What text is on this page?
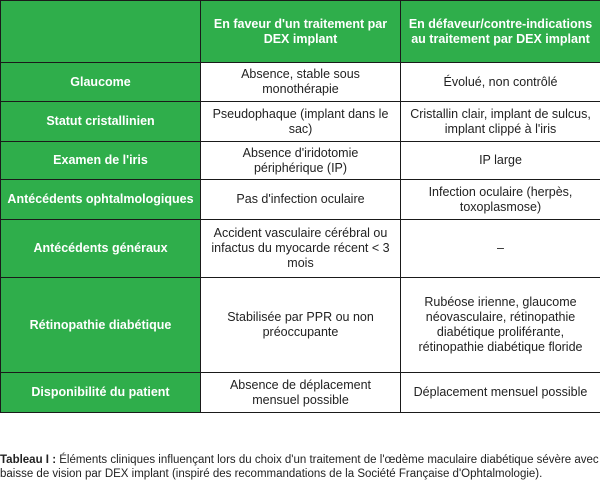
	En faveur d'un traitement par DEX implant	En défaveur/contre-indications au traitement par DEX implant
Glaucome	Absence, stable sous monothérapie	Évolué, non contrôlé
Statut cristallinien	Pseudophaque (implant dans le sac)	Cristallin clair, implant de sulcus, implant clippé à l'iris
Examen de l'iris	Absence d'iridotomie périphérique (IP)	IP large
Antécédents ophtalmologiques	Pas d'infection oculaire	Infection oculaire (herpès, toxoplasmose)
Antécédents généraux	Accident vasculaire cérébral ou infactus du myocarde récent < 3 mois	–
Rétinopathie diabétique	Stabilisée par PPR ou non préoccupante	Rubéose irienne, glaucome néovasculaire, rétinopathie diabétique proliférante, rétinopathie diabétique floride
Disponibilité du patient	Absence de déplacement mensuel possible	Déplacement mensuel possible
Tableau I : Éléments cliniques influençant lors du choix d'un traitement de l'œdème maculaire diabétique sévère avec baisse de vision par DEX implant (inspiré des recommandations de la Société Française d'Ophtalmologie).
